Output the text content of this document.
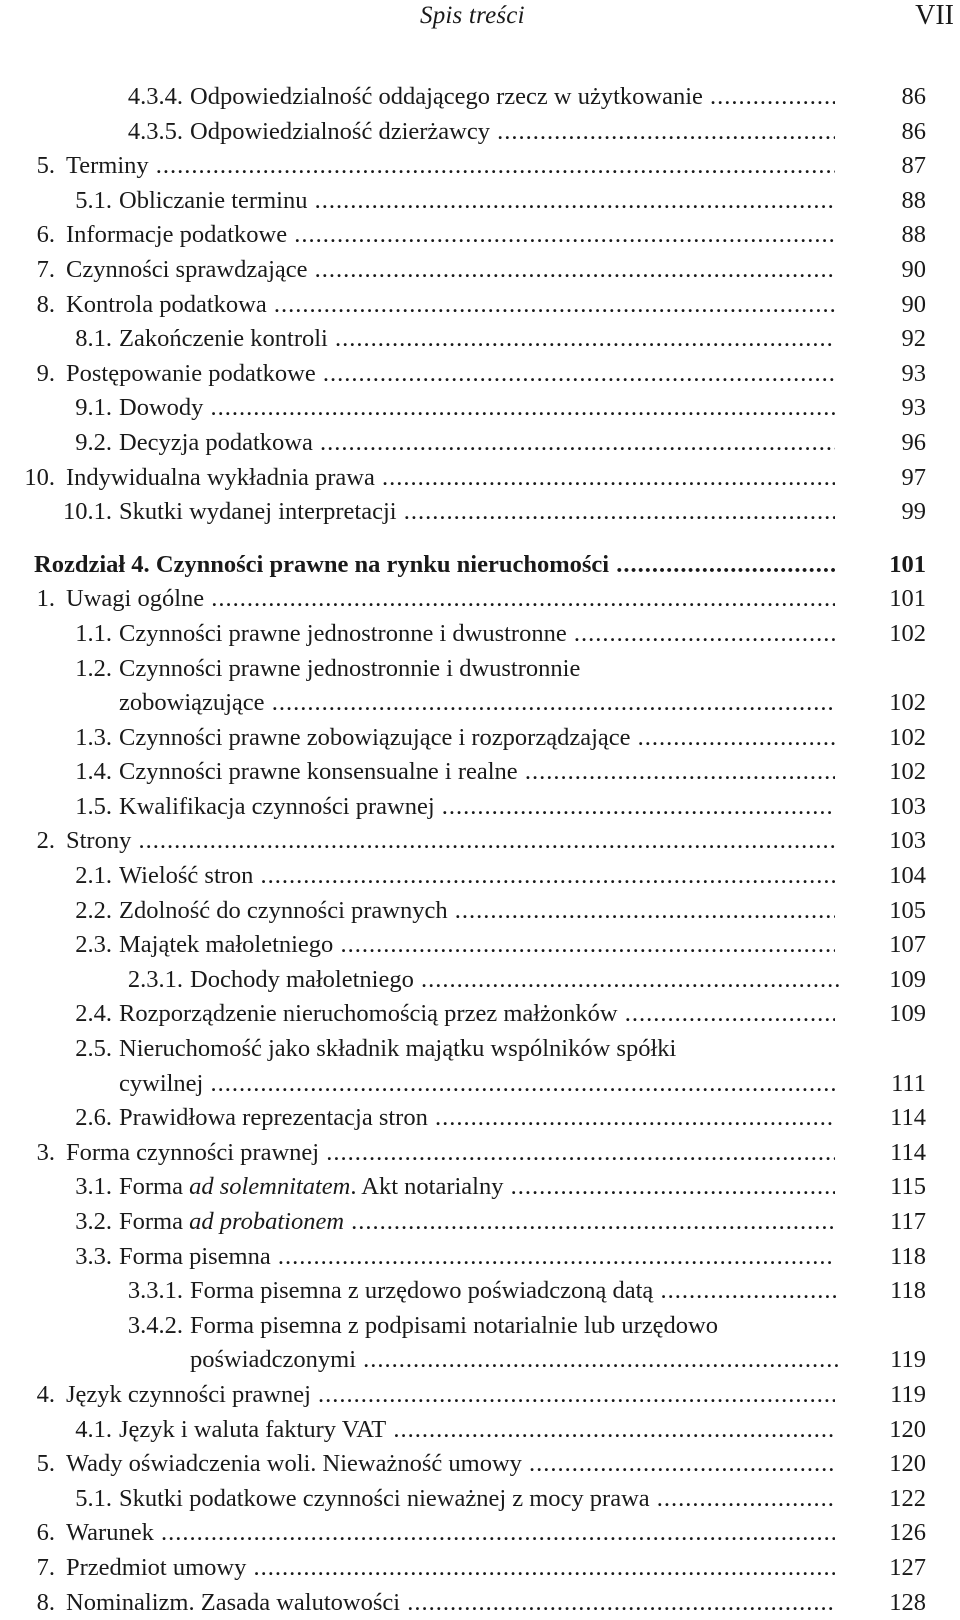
Spis treści	VII
4.3.4. Odpowiedzialność oddającego rzecz w użytkowanie .....	86
4.3.5. Odpowiedzialność dzierżawcy .....	86
5. Terminy .....	87
5.1. Obliczanie terminu .....	88
6. Informacje podatkowe .....	88
7. Czynności sprawdzające .....	90
8. Kontrola podatkowa .....	90
8.1. Zakończenie kontroli .....	92
9. Postępowanie podatkowe .....	93
9.1. Dowody .....	93
9.2. Decyzja podatkowa .....	96
10. Indywidualna wykładnia prawa .....	97
10.1. Skutki wydanej interpretacji .....	99
Rozdział 4. Czynności prawne na rynku nieruchomości .....	101
1. Uwagi ogólne .....	101
1.1. Czynności prawne jednostronne i dwustronne .....	102
1.2. Czynności prawne jednostronnie i dwustronnie
zobowiązujące .....	102
1.3. Czynności prawne zobowiązujące i rozporządzające .....	102
1.4. Czynności prawne konsensualne i realne .....	102
1.5. Kwalifikacja czynności prawnej .....	103
2. Strony .....	103
2.1. Wielość stron .....	104
2.2. Zdolność do czynności prawnych .....	105
2.3. Majątek małoletniego .....	107
2.3.1. Dochody małoletniego .....	109
2.4. Rozporządzenie nieruchomością przez małżonków .....	109
2.5. Nieruchomość jako składnik majątku wspólników spółki
cywilnej .....	111
2.6. Prawidłowa reprezentacja stron .....	114
3. Forma czynności prawnej .....	114
3.1. Forma ad solemnitatem. Akt notarialny .....	115
3.2. Forma ad probationem .....	117
3.3. Forma pisemna .....	118
3.3.1. Forma pisemna z urzędowo poświadczoną datą .....	118
3.4.2. Forma pisemna z podpisami notarialnie lub urzędowo
poświadczonymi .....	119
4. Język czynności prawnej .....	119
4.1. Język i waluta faktury VAT .....	120
5. Wady oświadczenia woli. Nieważność umowy .....	120
5.1. Skutki podatkowe czynności nieważnej z mocy prawa .....	122
6. Warunek .....	126
7. Przedmiot umowy .....	127
8. Nominalizm. Zasada walutowości .....	128
